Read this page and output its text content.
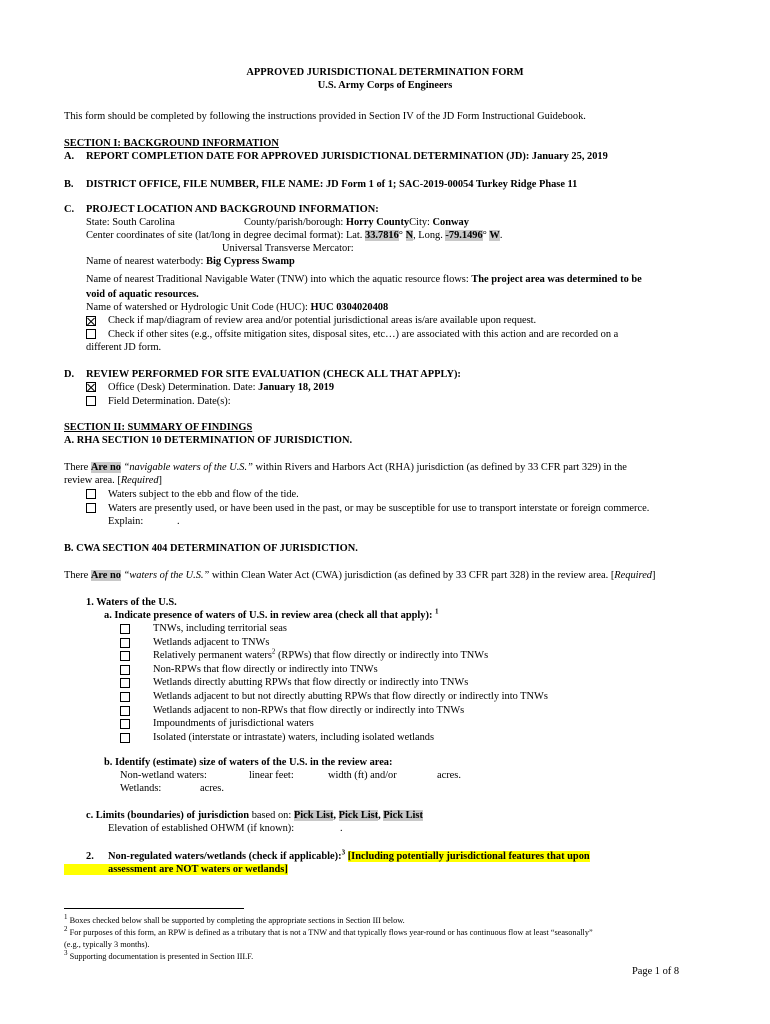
APPROVED JURISDICTIONAL DETERMINATION FORM
U.S. Army Corps of Engineers
This form should be completed by following the instructions provided in Section IV of the JD Form Instructional Guidebook.
SECTION I: BACKGROUND INFORMATION
A. REPORT COMPLETION DATE FOR APPROVED JURISDICTIONAL DETERMINATION (JD): January 25, 2019
B. DISTRICT OFFICE, FILE NUMBER, FILE NAME: JD Form 1 of 1; SAC-2019-00054 Turkey Ridge Phase 11
C. PROJECT LOCATION AND BACKGROUND INFORMATION:
State: South Carolina	County/parish/borough: Horry CountyCity: Conway
Center coordinates of site (lat/long in degree decimal format): Lat. 33.7816° N, Long. -79.1496° W.
Universal Transverse Mercator:
Name of nearest waterbody: Big Cypress Swamp
Name of nearest Traditional Navigable Water (TNW) into which the aquatic resource flows: The project area was determined to be
void of aquatic resources.
Name of watershed or Hydrologic Unit Code (HUC): HUC 0304020408
Check if map/diagram of review area and/or potential jurisdictional areas is/are available upon request.
Check if other sites (e.g., offsite mitigation sites, disposal sites, etc…) are associated with this action and are recorded on a
different JD form.
D. REVIEW PERFORMED FOR SITE EVALUATION (CHECK ALL THAT APPLY):
Office (Desk) Determination. Date: January 18, 2019
Field Determination. Date(s):
SECTION II: SUMMARY OF FINDINGS
A. RHA SECTION 10 DETERMINATION OF JURISDICTION.
There Are no “navigable waters of the U.S.” within Rivers and Harbors Act (RHA) jurisdiction (as defined by 33 CFR part 329) in the
review area. [Required]
Waters subject to the ebb and flow of the tide.
Waters are presently used, or have been used in the past, or may be susceptible for use to transport interstate or foreign commerce.
Explain:	.
B. CWA SECTION 404 DETERMINATION OF JURISDICTION.
There Are no “waters of the U.S.” within Clean Water Act (CWA) jurisdiction (as defined by 33 CFR part 328) in the review area. [Required]
1. Waters of the U.S.
a. Indicate presence of waters of U.S. in review area (check all that apply): $^1$
TNWs, including territorial seas
Wetlands adjacent to TNWs
Relatively permanent waters$^2$ (RPWs) that flow directly or indirectly into TNWs
Non-RPWs that flow directly or indirectly into TNWs
Wetlands directly abutting RPWs that flow directly or indirectly into TNWs
Wetlands adjacent to but not directly abutting RPWs that flow directly or indirectly into TNWs
Wetlands adjacent to non-RPWs that flow directly or indirectly into TNWs
Impoundments of jurisdictional waters
Isolated (interstate or intrastate) waters, including isolated wetlands
b. Identify (estimate) size of waters of the U.S. in the review area:
Non-wetland waters:	linear feet:	width (ft) and/or	acres.
Wetlands:	acres.
c. Limits (boundaries) of jurisdiction based on: Pick List, Pick List, Pick List
Elevation of established OHWM (if known):	.
2. Non-regulated waters/wetlands (check if applicable):$^3$ [Including potentially jurisdictional features that upon
assessment are NOT waters or wetlands]
$^1$ Boxes checked below shall be supported by completing the appropriate sections in Section III below.
$^2$ For purposes of this form, an RPW is defined as a tributary that is not a TNW and that typically flows year-round or has continuous flow at least “seasonally”
(e.g., typically 3 months).
$^3$ Supporting documentation is presented in Section III.F.
Page 1 of 8
